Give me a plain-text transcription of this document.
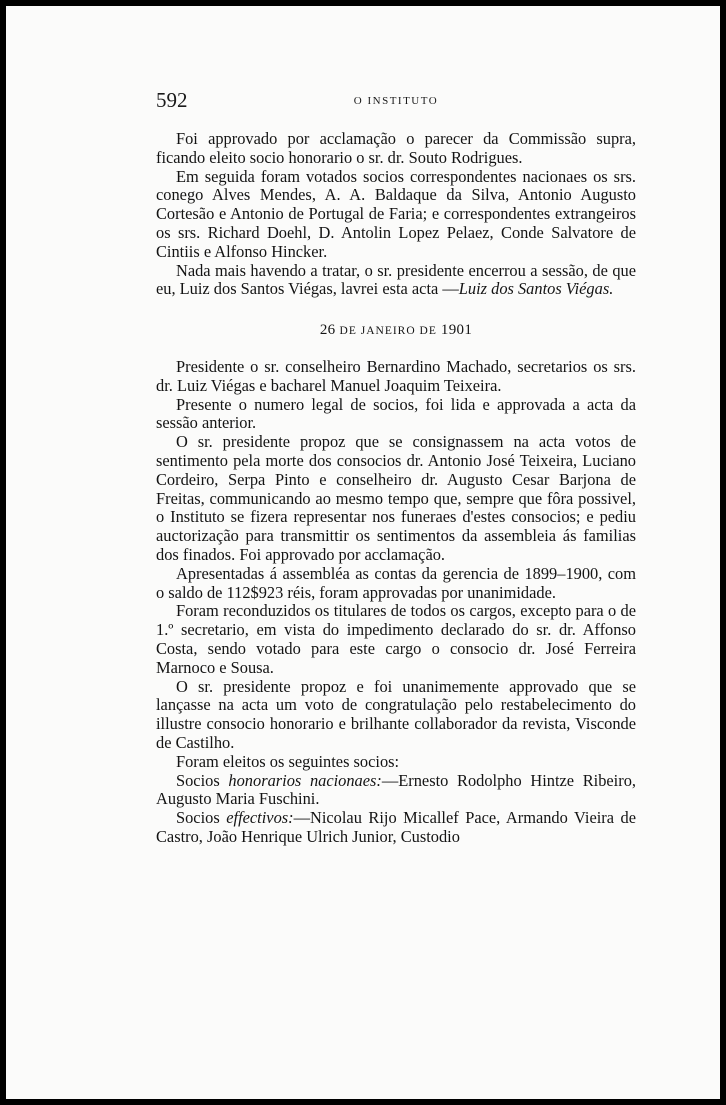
592	O INSTITUTO

Foi approvado por acclamação o parecer da Commissão supra, ficando eleito socio honorario o sr. dr. Souto Rodrigues.

Em seguida foram votados socios correspondentes nacionaes os srs. conego Alves Mendes, A. A. Baldaque da Silva, Antonio Augusto Cortesão e Antonio de Portugal de Faria; e correspondentes extrangeiros os srs. Richard Doehl, D. Antolin Lopez Pelaez, Conde Salvatore de Cintiis e Alfonso Hincker.

Nada mais havendo a tratar, o sr. presidente encerrou a sessão, de que eu, Luiz dos Santos Viégas, lavrei esta acta —Luiz dos Santos Viégas.

26 DE JANEIRO DE 1901

Presidente o sr. conselheiro Bernardino Machado, secretarios os srs. dr. Luiz Viégas e bacharel Manuel Joaquim Teixeira.

Presente o numero legal de socios, foi lida e approvada a acta da sessão anterior.

O sr. presidente propoz que se consignassem na acta votos de sentimento pela morte dos consocios dr. Antonio José Teixeira, Luciano Cordeiro, Serpa Pinto e conselheiro dr. Augusto Cesar Barjona de Freitas, communicando ao mesmo tempo que, sempre que fôra possivel, o Instituto se fizera representar nos funeraes d'estes consocios; e pediu auctorização para transmittir os sentimentos da assembleia ás familias dos finados. Foi approvado por acclamação.

Apresentadas á assembléa as contas da gerencia de 1899–1900, com o saldo de 112$923 réis, foram approvadas por unanimidade.

Foram reconduzidos os titulares de todos os cargos, excepto para o de 1.º secretario, em vista do impedimento declarado do sr. dr. Affonso Costa, sendo votado para este cargo o consocio dr. José Ferreira Marnoco e Sousa.

O sr. presidente propoz e foi unanimemente approvado que se lançasse na acta um voto de congratulação pelo restabelecimento do illustre consocio honorario e brilhante collaborador da revista, Visconde de Castilho.

Foram eleitos os seguintes socios:

Socios honorarios nacionaes:—Ernesto Rodolpho Hintze Ribeiro, Augusto Maria Fuschini.

Socios effectivos:—Nicolau Rijo Micallef Pace, Armando Vieira de Castro, João Henrique Ulrich Junior, Custodio
